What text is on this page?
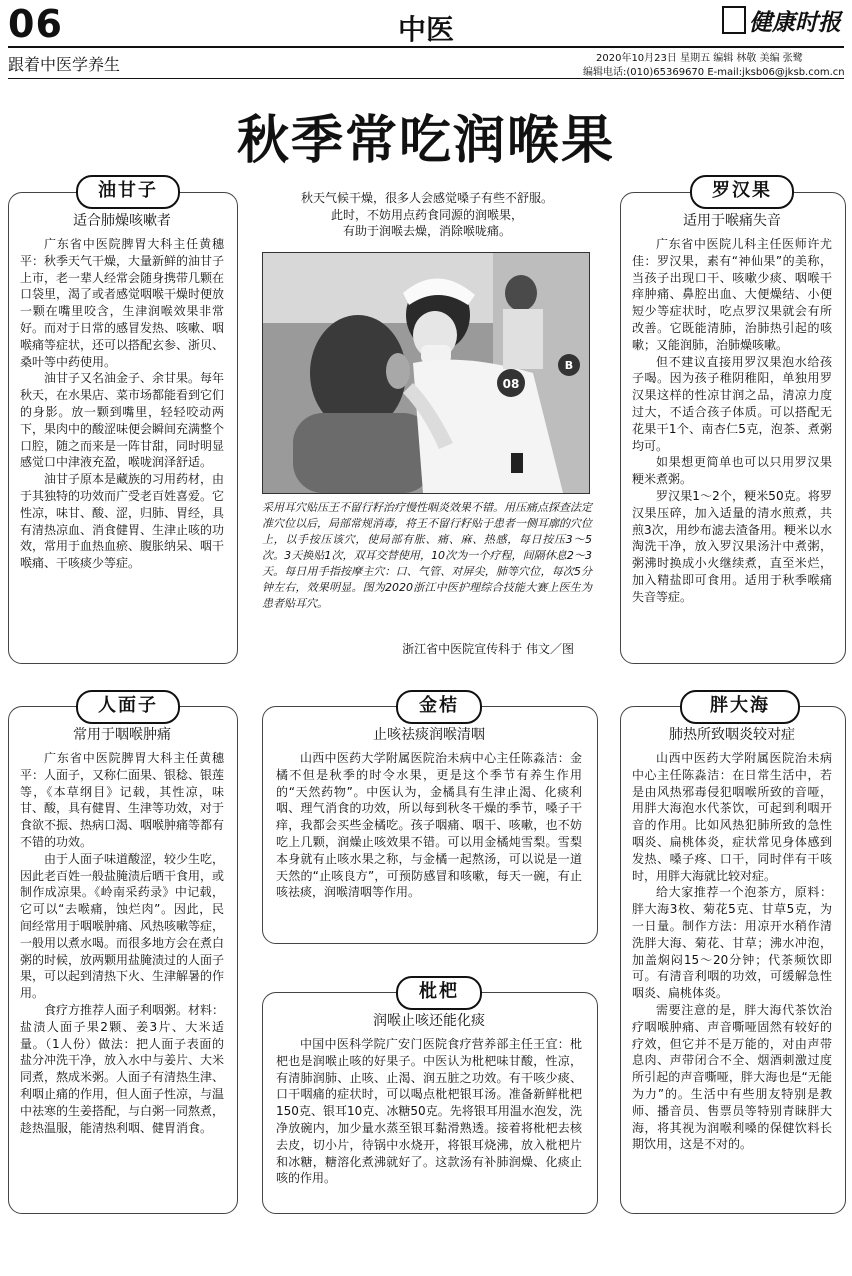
06	中医	健康时报
跟着中医学养生	2020年10月23日 星期五 编辑 林敬 美编 张鹭
编辑电话:(010)65369670 E-mail:jksb06@jksb.com.cn
秋季常吃润喉果
油甘子
适合肺燥咳嗽者

广东省中医院脾胃大科主任黄穗平：秋季天气干燥，大量新鲜的油甘子上市，老一辈人经常会随身携带几颗在口袋里，渴了或者感觉咽喉干燥时便放一颗在嘴里咬含，生津润喉效果非常好。而对于日常的感冒发热、咳嗽、咽喉痛等症状，还可以搭配玄参、浙贝、桑叶等中药使用。

油甘子又名油金子、余甘果。每年秋天，在水果店、菜市场都能看到它们的身影。放一颗到嘴里，轻轻咬动两下，果肉中的酸涩味便会瞬间充满整个口腔，随之而来是一阵甘甜，同时明显感觉口中津液充盈，喉咙润泽舒适。

油甘子原本是藏族的习用药材，由于其独特的功效而广受老百姓喜爱。它性凉，味甘、酸、涩，归肺、胃经，具有清热凉血、消食健胃、生津止咳的功效，常用于血热血瘀、腹胀纳呆、咽干喉痛、干咳痰少等症。

秋天气候干燥，很多人会感觉嗓子有些不舒服。
此时，不妨用点药食同源的润喉果，
有助于润喉去燥，消除喉咙痛。
08
B
采用耳穴贴压王不留行籽治疗慢性咽炎效果不错。用压痛点探查法定准穴位以后，局部常规消毒，将王不留行籽贴于患者一侧耳廓的穴位上，以手按压该穴，使局部有胀、痛、麻、热感，每日按压3～5次。3天换贴1次，双耳交替使用，10次为一个疗程，间隔休息2～3天。每日用手指按摩主穴：口、气管、对屏尖，肺等穴位，每次5分钟左右，效果明显。图为2020浙江中医护理综合技能大赛上医生为患者贴耳穴。
浙江省中医院宣传科于 伟文／图
罗汉果
适用于喉痛失音

广东省中医院儿科主任医师许尤佳：罗汉果，素有“神仙果”的美称，当孩子出现口干、咳嗽少痰、咽喉干痒肿痛、鼻腔出血、大便燥结、小便短少等症状时，吃点罗汉果就会有所改善。它既能清肺，治肺热引起的咳嗽；又能润肺，治肺燥咳嗽。

但不建议直接用罗汉果泡水给孩子喝。因为孩子稚阴稚阳，单独用罗汉果这样的性凉甘润之品，清凉力度过大，不适合孩子体质。可以搭配无花果干1个、南杏仁5克，泡茶、煮粥均可。

如果想更简单也可以只用罗汉果粳米煮粥。

罗汉果1～2个，粳米50克。将罗汉果压碎，加入适量的清水煎煮，共煎3次，用纱布滤去渣备用。粳米以水淘洗干净，放入罗汉果汤汁中煮粥，粥沸时换成小火继续煮，直至米烂，加入精盐即可食用。适用于秋季喉痛失音等症。

人面子
常用于咽喉肿痛

广东省中医院脾胃大科主任黄穗平：人面子，又称仁面果、银稔、银莲等，《本草纲目》记载，其性凉，味甘、酸，具有健胃、生津等功效，对于食欲不振、热病口渴、咽喉肿痛等都有不错的功效。

由于人面子味道酸涩，较少生吃，因此老百姓一般盐腌渍后晒干食用，或制作成凉果。《岭南采药录》中记载，它可以“去喉痛，蚀烂肉”。因此，民间经常用于咽喉肿痛、风热咳嗽等症，一般用以煮水喝。而很多地方会在煮白粥的时候，放两颗用盐腌渍过的人面子果，可以起到清热下火、生津解暑的作用。

食疗方推荐人面子利咽粥。材料：盐渍人面子果2颗、姜3片、大米适量。（1人份）做法：把人面子表面的盐分冲洗干净，放入水中与姜片、大米同煮，熬成米粥。人面子有清热生津、利咽止痛的作用，但人面子性凉，与温中祛寒的生姜搭配，与白粥一同熬煮，趁热温服，能清热利咽、健胃消食。

金桔
止咳祛痰润喉清咽

山西中医药大学附属医院治未病中心主任陈淼洁：金橘不但是秋季的时令水果，更是这个季节有养生作用的“天然药物”。中医认为，金橘具有生津止渴、化痰利咽、理气消食的功效，所以每到秋冬干燥的季节，嗓子干痒，我都会买些金橘吃。孩子咽痛、咽干、咳嗽，也不妨吃上几颗，润燥止咳效果不错。可以用金橘炖雪梨。雪梨本身就有止咳水果之称，与金橘一起熬汤，可以说是一道天然的“止咳良方”，可预防感冒和咳嗽，每天一碗，有止咳祛痰，润喉清咽等作用。

枇杷
润喉止咳还能化痰

中国中医科学院广安门医院食疗营养部主任王宜：枇杷也是润喉止咳的好果子。中医认为枇杷味甘酸，性凉，有清肺润肺、止咳、止渴、润五脏之功效。有干咳少痰、口干咽痛的症状时，可以喝点枇杷银耳汤。准备新鲜枇杷150克、银耳10克、冰糖50克。先将银耳用温水泡发，洗净放碗内，加少量水蒸至银耳黏滑熟透。接着将枇杷去核去皮，切小片，待锅中水烧开，将银耳烧沸，放入枇杷片和冰糖，糖溶化煮沸就好了。这款汤有补肺润燥、化痰止咳的作用。

胖大海
肺热所致咽炎较对症

山西中医药大学附属医院治未病中心主任陈淼洁：在日常生活中，若是由风热邪毒侵犯咽喉所致的音哑，用胖大海泡水代茶饮，可起到利咽开音的作用。比如风热犯肺所致的急性咽炎、扁桃体炎，症状常见身体感到发热、嗓子疼、口干，同时伴有干咳时，用胖大海就比较对症。

给大家推荐一个泡茶方，原料：胖大海3枚、菊花5克、甘草5克，为一日量。制作方法：用凉开水稍作清洗胖大海、菊花、甘草；沸水冲泡，加盖焖闷15～20分钟；代茶频饮即可。有清音利咽的功效，可缓解急性咽炎、扁桃体炎。

需要注意的是，胖大海代茶饮治疗咽喉肿痛、声音嘶哑固然有较好的疗效，但它并不是万能的，对由声带息肉、声带闭合不全、烟酒刺激过度所引起的声音嘶哑，胖大海也是“无能为力”的。生活中有些朋友特别是教师、播音员、售票员等特别青睐胖大海，将其视为润喉利嗓的保健饮料长期饮用，这是不对的。
